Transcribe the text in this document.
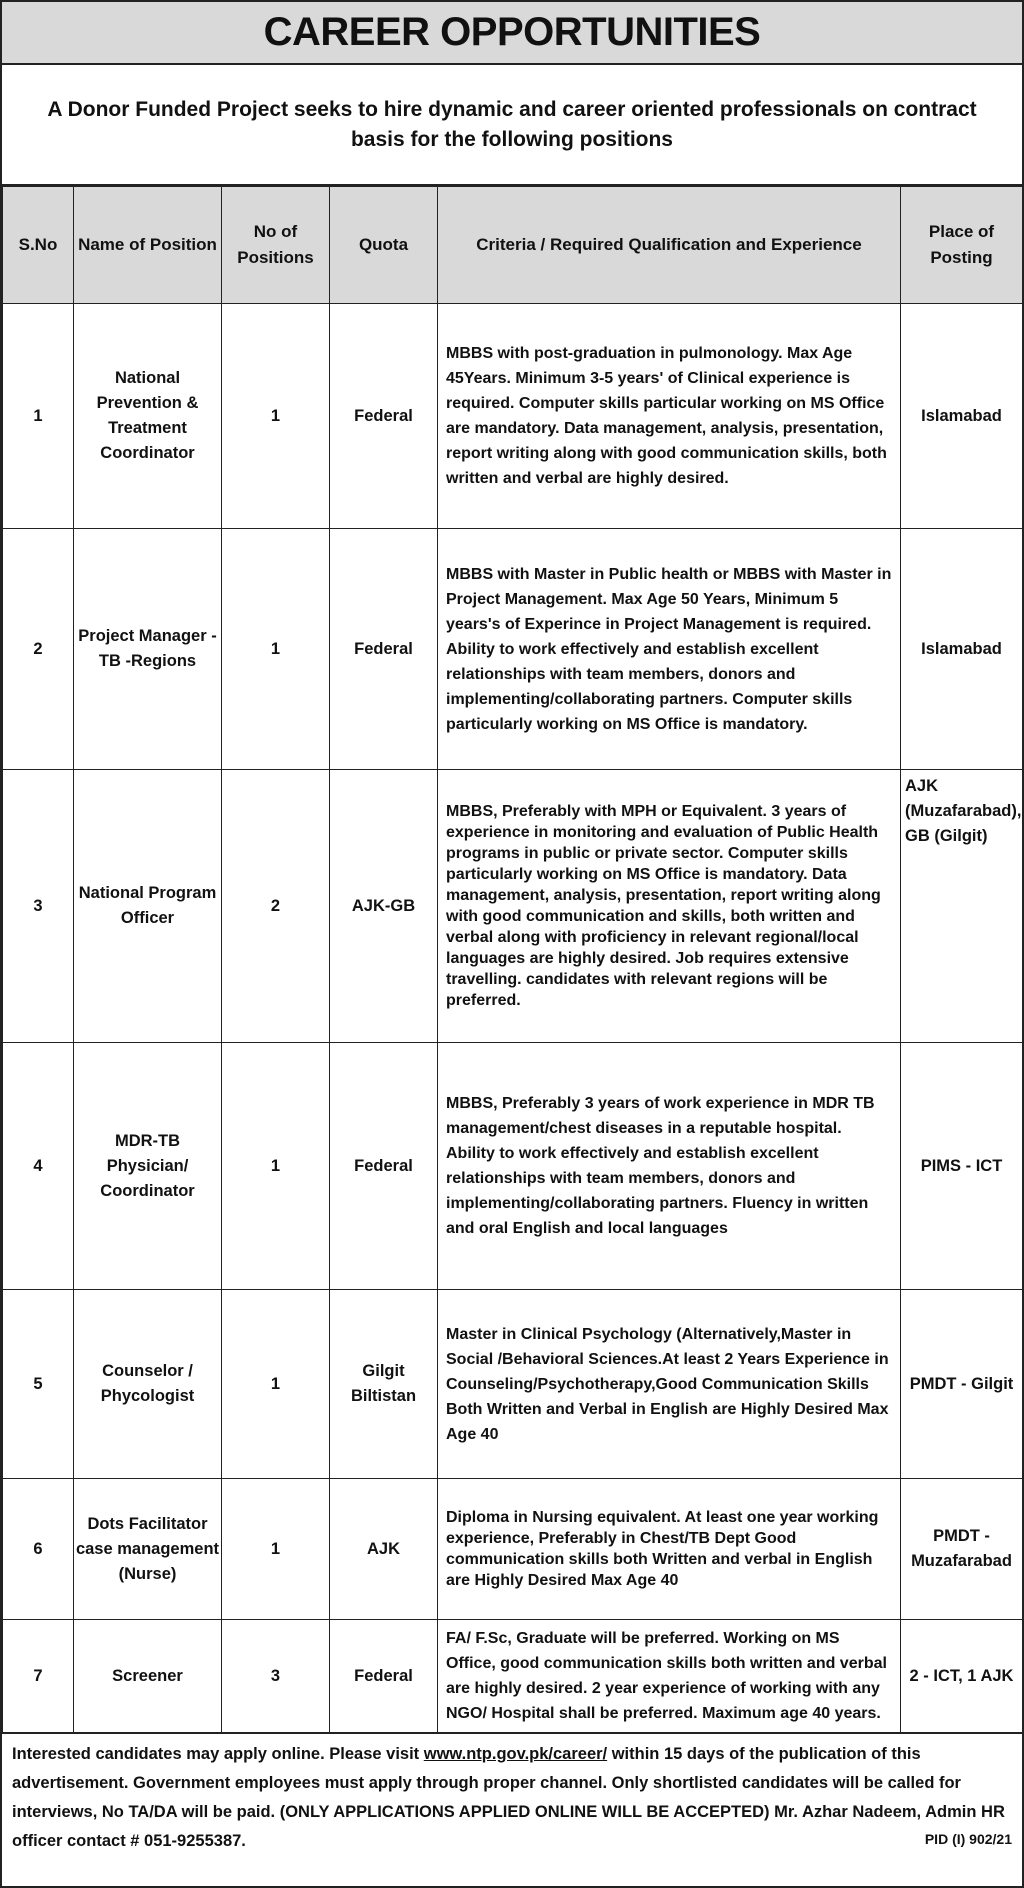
CAREER OPPORTUNITIES
A Donor Funded Project seeks to hire dynamic and career oriented professionals on contract basis for the following positions
S.No	Name of Position	No of Positions	Quota	Criteria / Required Qualification and Experience	Place of Posting
1	National Prevention & Treatment Coordinator	1	Federal	MBBS with post-graduation in pulmonology. Max Age 45Years. Minimum 3-5 years' of Clinical experience is required. Computer skills particular working on MS Office are mandatory. Data management, analysis, presentation, report writing along with good communication skills, both written and verbal are highly desired.	Islamabad
2	Project Manager - TB -Regions	1	Federal	MBBS with Master in Public health or MBBS with Master in Project Management. Max Age 50 Years, Minimum 5 years's of Experince in Project Management is required. Ability to work effectively and establish excellent relationships with team members, donors and implementing/collaborating partners. Computer skills particularly working on MS Office is mandatory.	Islamabad
3	National Program Officer	2	AJK-GB	MBBS, Preferably with MPH or Equivalent. 3 years of experience in monitoring and evaluation of Public Health programs in public or private sector. Computer skills particularly working on MS Office is mandatory. Data management, analysis, presentation, report writing along with good communication and skills, both written and verbal along with proficiency in relevant regional/local languages are highly desired. Job requires extensive travelling. candidates with relevant regions will be preferred.	AJK (Muzafarabad), GB (Gilgit)
4	MDR-TB Physician/ Coordinator	1	Federal	MBBS, Preferably 3 years of work experience in MDR TB management/chest diseases in a reputable hospital. Ability to work effectively and establish excellent relationships with team members, donors and implementing/collaborating partners. Fluency in written and oral English and local languages	PIMS - ICT
5	Counselor / Phycologist	1	Gilgit Biltistan	Master in Clinical Psychology (Alternatively,Master in Social /Behavioral Sciences.At least 2 Years Experience in Counseling/Psychotherapy,Good Communication Skills Both Written and Verbal in English are Highly Desired Max Age 40	PMDT - Gilgit
6	Dots Facilitator case management (Nurse)	1	AJK	Diploma in Nursing equivalent. At least one year working experience, Preferably in Chest/TB Dept Good communication skills both Written and verbal in English are Highly Desired Max Age 40	PMDT - Muzafarabad
7	Screener	3	Federal	FA/ F.Sc, Graduate will be preferred. Working on MS Office, good communication skills both written and verbal are highly desired. 2 year experience of working with any NGO/ Hospital shall be preferred. Maximum age 40 years.	2 - ICT, 1 AJK
Interested candidates may apply online. Please visit www.ntp.gov.pk/career/ within 15 days of the publication of this advertisement. Government employees must apply through proper channel. Only shortlisted candidates will be called for interviews, No TA/DA will be paid. (ONLY APPLICATIONS APPLIED ONLINE WILL BE ACCEPTED) Mr. Azhar Nadeem, Admin HR officer contact # 051-9255387.	PID (I) 902/21
